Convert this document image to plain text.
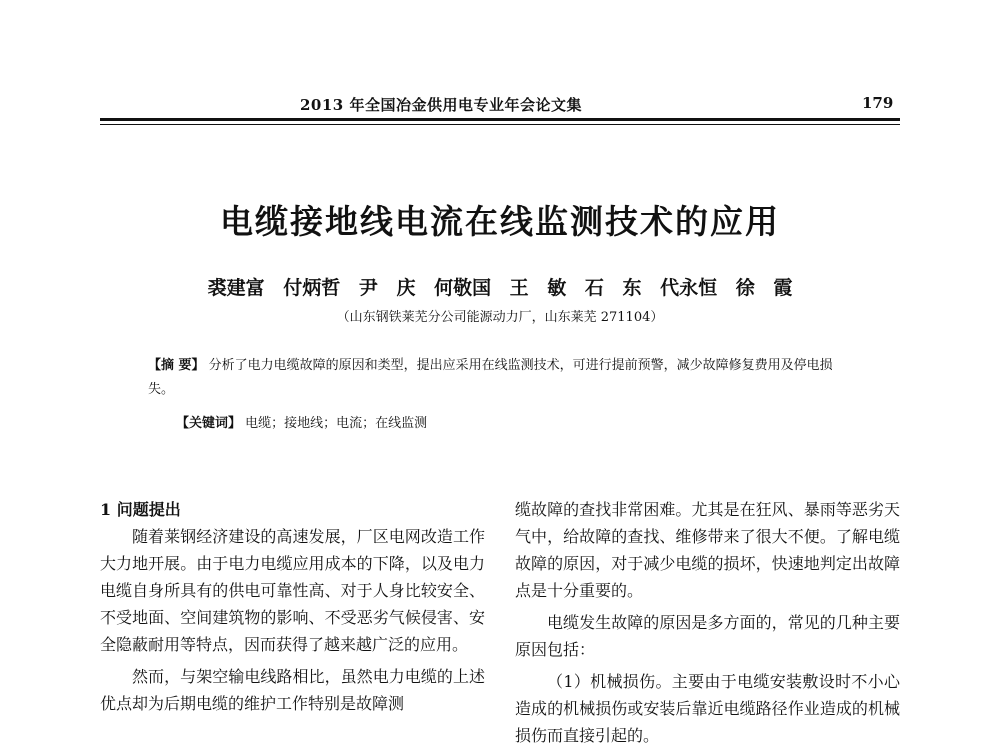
2013 年全国冶金供用电专业年会论文集	179
电缆接地线电流在线监测技术的应用
裘建富 付炳哲 尹 庆 何敬国 王 敏 石 东 代永恒 徐 霞
（山东钢铁莱芜分公司能源动力厂，山东莱芜 271104）
【摘 要】 分析了电力电缆故障的原因和类型，提出应采用在线监测技术，可进行提前预警，减少故障修复费用及停电损失。
【关键词】 电缆；接地线；电流；在线监测

1 问题提出

随着莱钢经济建设的高速发展，厂区电网改造工作大力地开展。由于电力电缆应用成本的下降，以及电力电缆自身所具有的供电可靠性高、对于人身比较安全、不受地面、空间建筑物的影响、不受恶劣气候侵害、安全隐蔽耐用等特点，因而获得了越来越广泛的应用。

然而，与架空输电线路相比，虽然电力电缆的上述优点却为后期电缆的维护工作特别是故障测

缆故障的查找非常困难。尤其是在狂风、暴雨等恶劣天气中，给故障的查找、维修带来了很大不便。了解电缆故障的原因，对于减少电缆的损坏，快速地判定出故障点是十分重要的。

电缆发生故障的原因是多方面的，常见的几种主要原因包括：

（1）机械损伤。主要由于电缆安装敷设时不小心造成的机械损伤或安装后靠近电缆路径作业造成的机械损伤而直接引起的。
